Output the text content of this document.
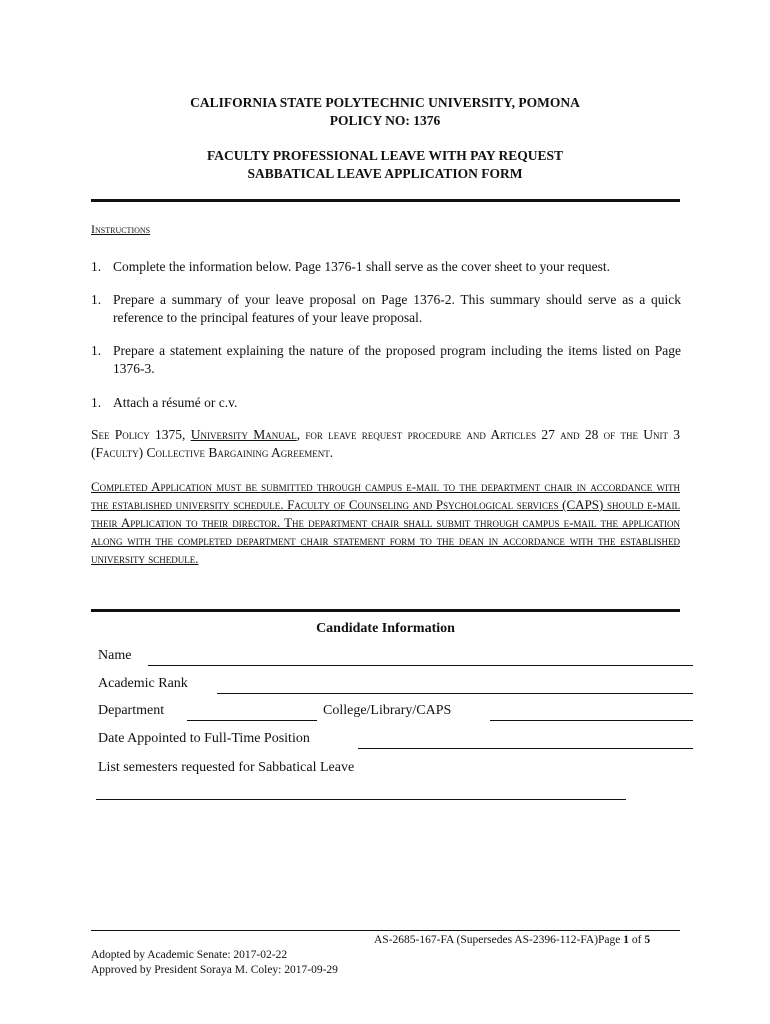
CALIFORNIA STATE POLYTECHNIC UNIVERSITY, POMONA
POLICY NO: 1376
FACULTY PROFESSIONAL LEAVE WITH PAY REQUEST
SABBATICAL LEAVE APPLICATION FORM
Instructions
1. Complete the information below. Page 1376-1 shall serve as the cover sheet to your request.
1. Prepare a summary of your leave proposal on Page 1376-2. This summary should serve as a quick reference to the principal features of your leave proposal.
1. Prepare a statement explaining the nature of the proposed program including the items listed on Page 1376-3.
1. Attach a résumé or c.v.
See Policy 1375, University Manual, for leave request procedure and Articles 27 and 28 of the Unit 3 (Faculty) Collective Bargaining Agreement.
Completed Application must be submitted through campus e-mail to the department chair in accordance with the established university schedule. Faculty of Counseling and Psychological services (CAPS) should e-mail their Application to their director. The department chair shall submit through campus e-mail the application along with the completed department chair statement form to the dean in accordance with the established university schedule.
Candidate Information
Name
Academic Rank
Department	College/Library/CAPS
Date Appointed to Full-Time Position
List semesters requested for Sabbatical Leave
AS-2685-167-FA (Supersedes AS-2396-112-FA)Page 1 of 5
Adopted by Academic Senate: 2017-02-22
Approved by President Soraya M. Coley: 2017-09-29
